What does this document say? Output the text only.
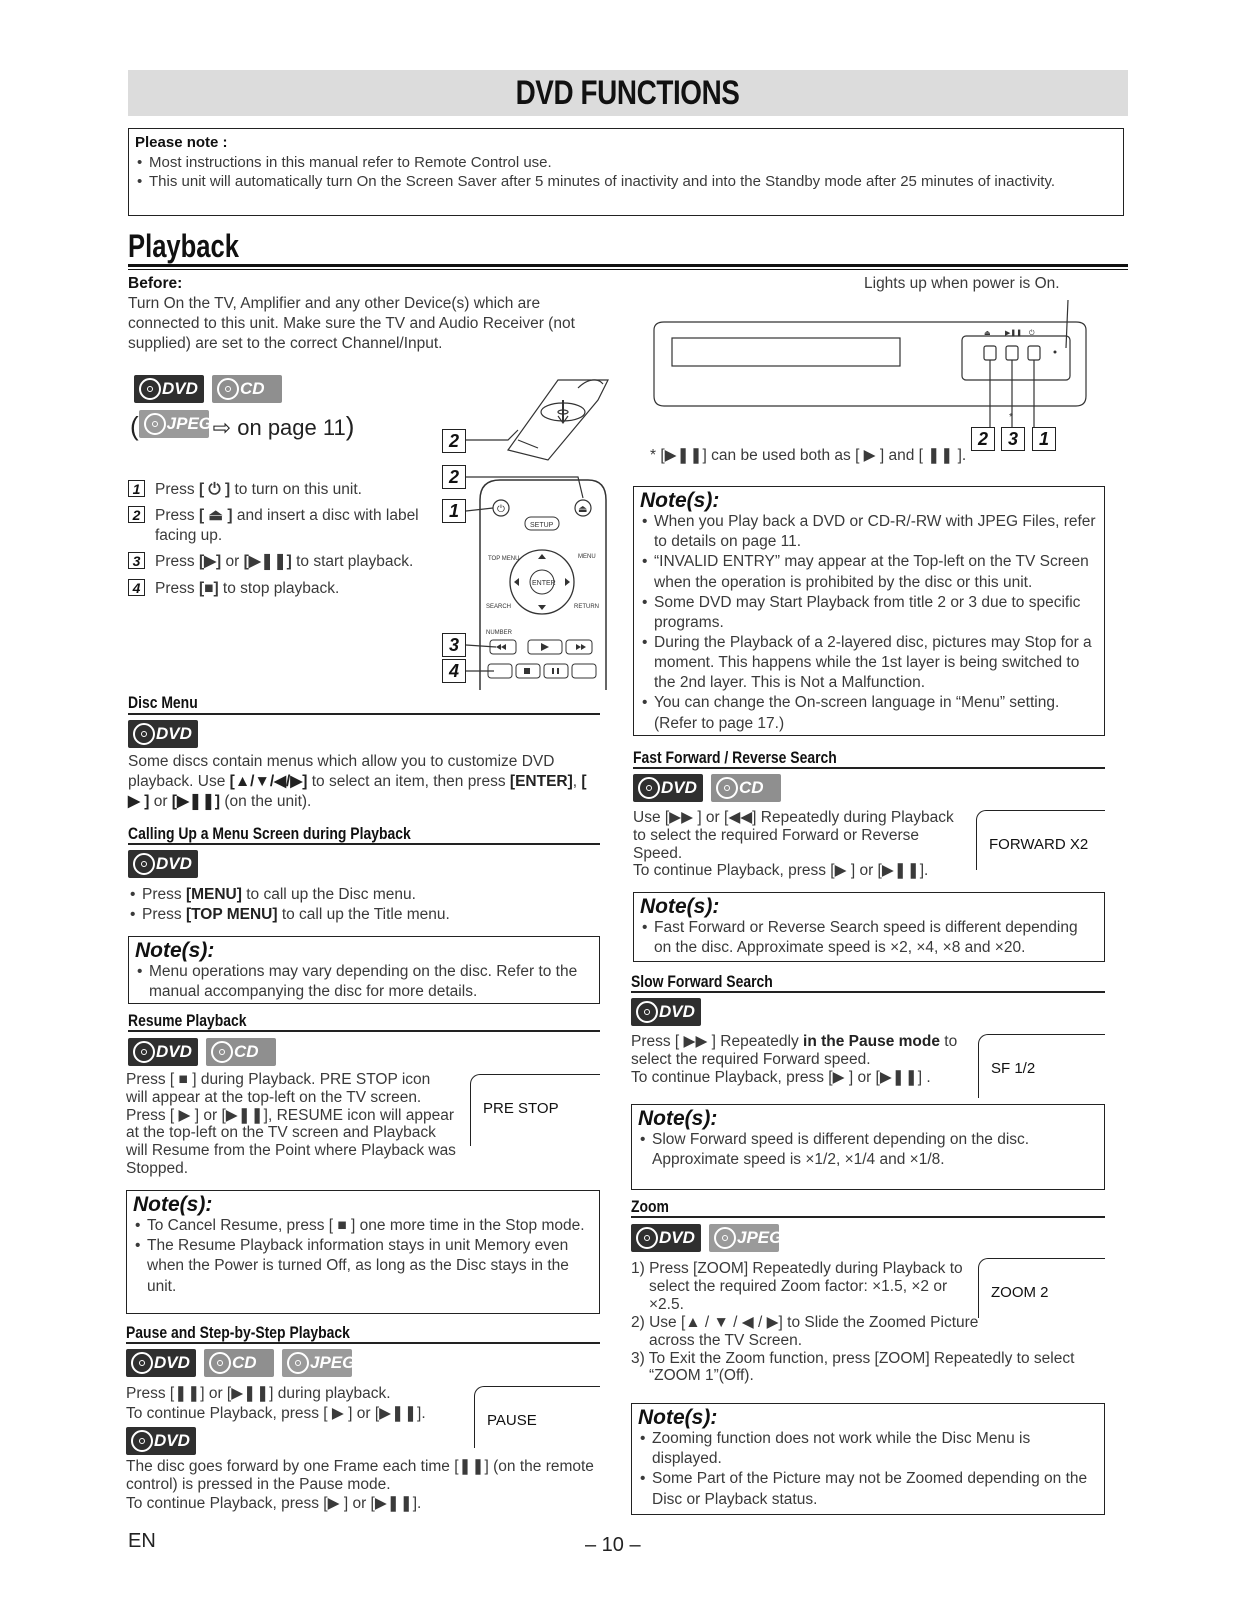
DVD FUNCTIONS
Please note :
• Most instructions in this manual refer to Remote Control use.
• This unit will automatically turn On the Screen Saver after 5 minutes of inactivity and into the Standby mode after 25 minutes of inactivity.
Playback
Before:
Turn On the TV, Amplifier and any other Device(s) which are connected to this unit. Make sure the TV and Audio Receiver (not supplied) are set to the correct Channel/Input.
DVD CD
( JPEG ⇨ on page 11)
1 Press [ ⏻ ] to turn on this unit.
2 Press [ ⏏ ] and insert a disc with label facing up.
3 Press [▶] or [▶❚❚] to start playback.
4 Press [■] to stop playback.
⏻	⏏
SETUP
TOP MENU	MENU
ENTER
SEARCH	RETURN
NUMBER
2
2
1
3
4
Lights up when power is On.
⏏ ▶❚❚ ⏻
*
2	3	1
* [▶❚❚] can be used both as [ ▶ ] and [ ❚❚ ].
Note(s):
• When you Play back a DVD or CD-R/-RW with JPEG Files, refer to details on page 11.
• “INVALID ENTRY” may appear at the Top-left on the TV Screen when the operation is prohibited by the disc or this unit.
• Some DVD may Start Playback from title 2 or 3 due to specific programs.
• During the Playback of a 2-layered disc, pictures may Stop for a moment. This happens while the 1st layer is being switched to the 2nd layer. This is Not a Malfunction.
• You can change the On-screen language in “Menu” setting. (Refer to page 17.)
Disc Menu
DVD
Some discs contain menus which allow you to customize DVD playback. Use [▲/▼/◀/▶] to select an item, then press [ENTER], [ ▶ ] or [▶❚❚] (on the unit).
Calling Up a Menu Screen during Playback
DVD
• Press [MENU] to call up the Disc menu.
• Press [TOP MENU] to call up the Title menu.
Note(s):
• Menu operations may vary depending on the disc. Refer to the manual accompanying the disc for more details.
Resume Playback
DVD CD
Press [ ■ ] during Playback. PRE STOP icon will appear at the top-left on the TV screen. Press [ ▶ ] or [▶❚❚], RESUME icon will appear at the top-left on the TV screen and Playback will Resume from the Point where Playback was Stopped.
PRE STOP
Note(s):
• To Cancel Resume, press [ ■ ] one more time in the Stop mode.
• The Resume Playback information stays in unit Memory even when the Power is turned Off, as long as the Disc stays in the unit.
Pause and Step-by-Step Playback
DVD CD	JPEG
Press [❚❚] or [▶❚❚] during playback.
To continue Playback, press [ ▶ ] or [▶❚❚].	PAUSE
DVD
The disc goes forward by one Frame each time [❚❚] (on the remote control) is pressed in the Pause mode.
To continue Playback, press [▶ ] or [▶❚❚].
Fast Forward / Reverse Search
DVD CD
Use [▶▶ ] or [◀◀] Repeatedly during Playback to select the required Forward or Reverse Speed.
To continue Playback, press [▶ ] or [▶❚❚].
FORWARD X2
Note(s):
• Fast Forward or Reverse Search speed is different depending on the disc. Approximate speed is ×2, ×4, ×8 and ×20.
Slow Forward Search
DVD
Press [ ▶▶ ] Repeatedly in the Pause mode to select the required Forward speed.
To continue Playback, press [▶ ] or [▶❚❚] .
SF 1/2
Note(s):
• Slow Forward speed is different depending on the disc. Approximate speed is ×1/2, ×1/4 and ×1/8.
Zoom
DVD JPEG
1) Press [ZOOM] Repeatedly during Playback to select the required Zoom factor: ×1.5, ×2 or ×2.5.
2) Use [▲ / ▼ / ◀ / ▶] to Slide the Zoomed Picture across the TV Screen.
3) To Exit the Zoom function, press [ZOOM] Repeatedly to select “ZOOM 1”(Off).
ZOOM 2
Note(s):
• Zooming function does not work while the Disc Menu is displayed.
• Some Part of the Picture may not be Zoomed depending on the Disc or Playback status.
EN	– 10 –
